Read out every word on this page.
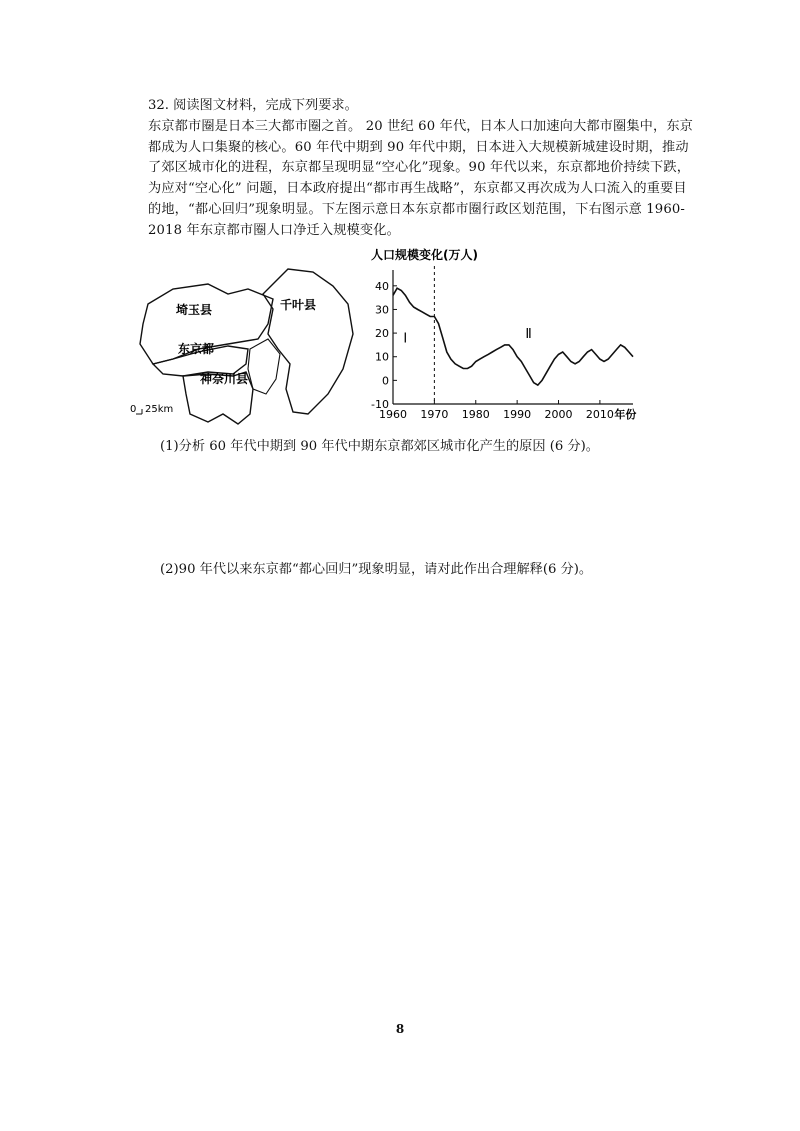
32. 阅读图文材料，完成下列要求。
东京都市圈是日本三大都市圈之首。 20 世纪 60 年代，日本人口加速向大都市圈集中，东京都成为人口集聚的核心。60 年代中期到 90 年代中期，日本进入大规模新城建设时期，推动了郊区城市化的进程，东京都呈现明显“空心化”现象。90 年代以来，东京都地价持续下跌，为应对“空心化” 问题，日本政府提出“都市再生战略”，东京都又再次成为人口流入的重要目的地，“都心回归”现象明显。下左图示意日本东京都市圈行政区划范围，下右图示意 1960-2018 年东京都市圈人口净迁入规模变化。
埼玉县	千叶县
东京都
神奈川县
0 25km
人口规模变化(万人)
40
30
20
10
0
-10
1960 1970 1980 1990 2000 2010
I	Ⅱ
年份
(1)分析 60 年代中期到 90 年代中期东京都郊区城市化产生的原因 (6 分)。
(2)90 年代以来东京都“都心回归”现象明显，请对此作出合理解释(6 分)。
8
